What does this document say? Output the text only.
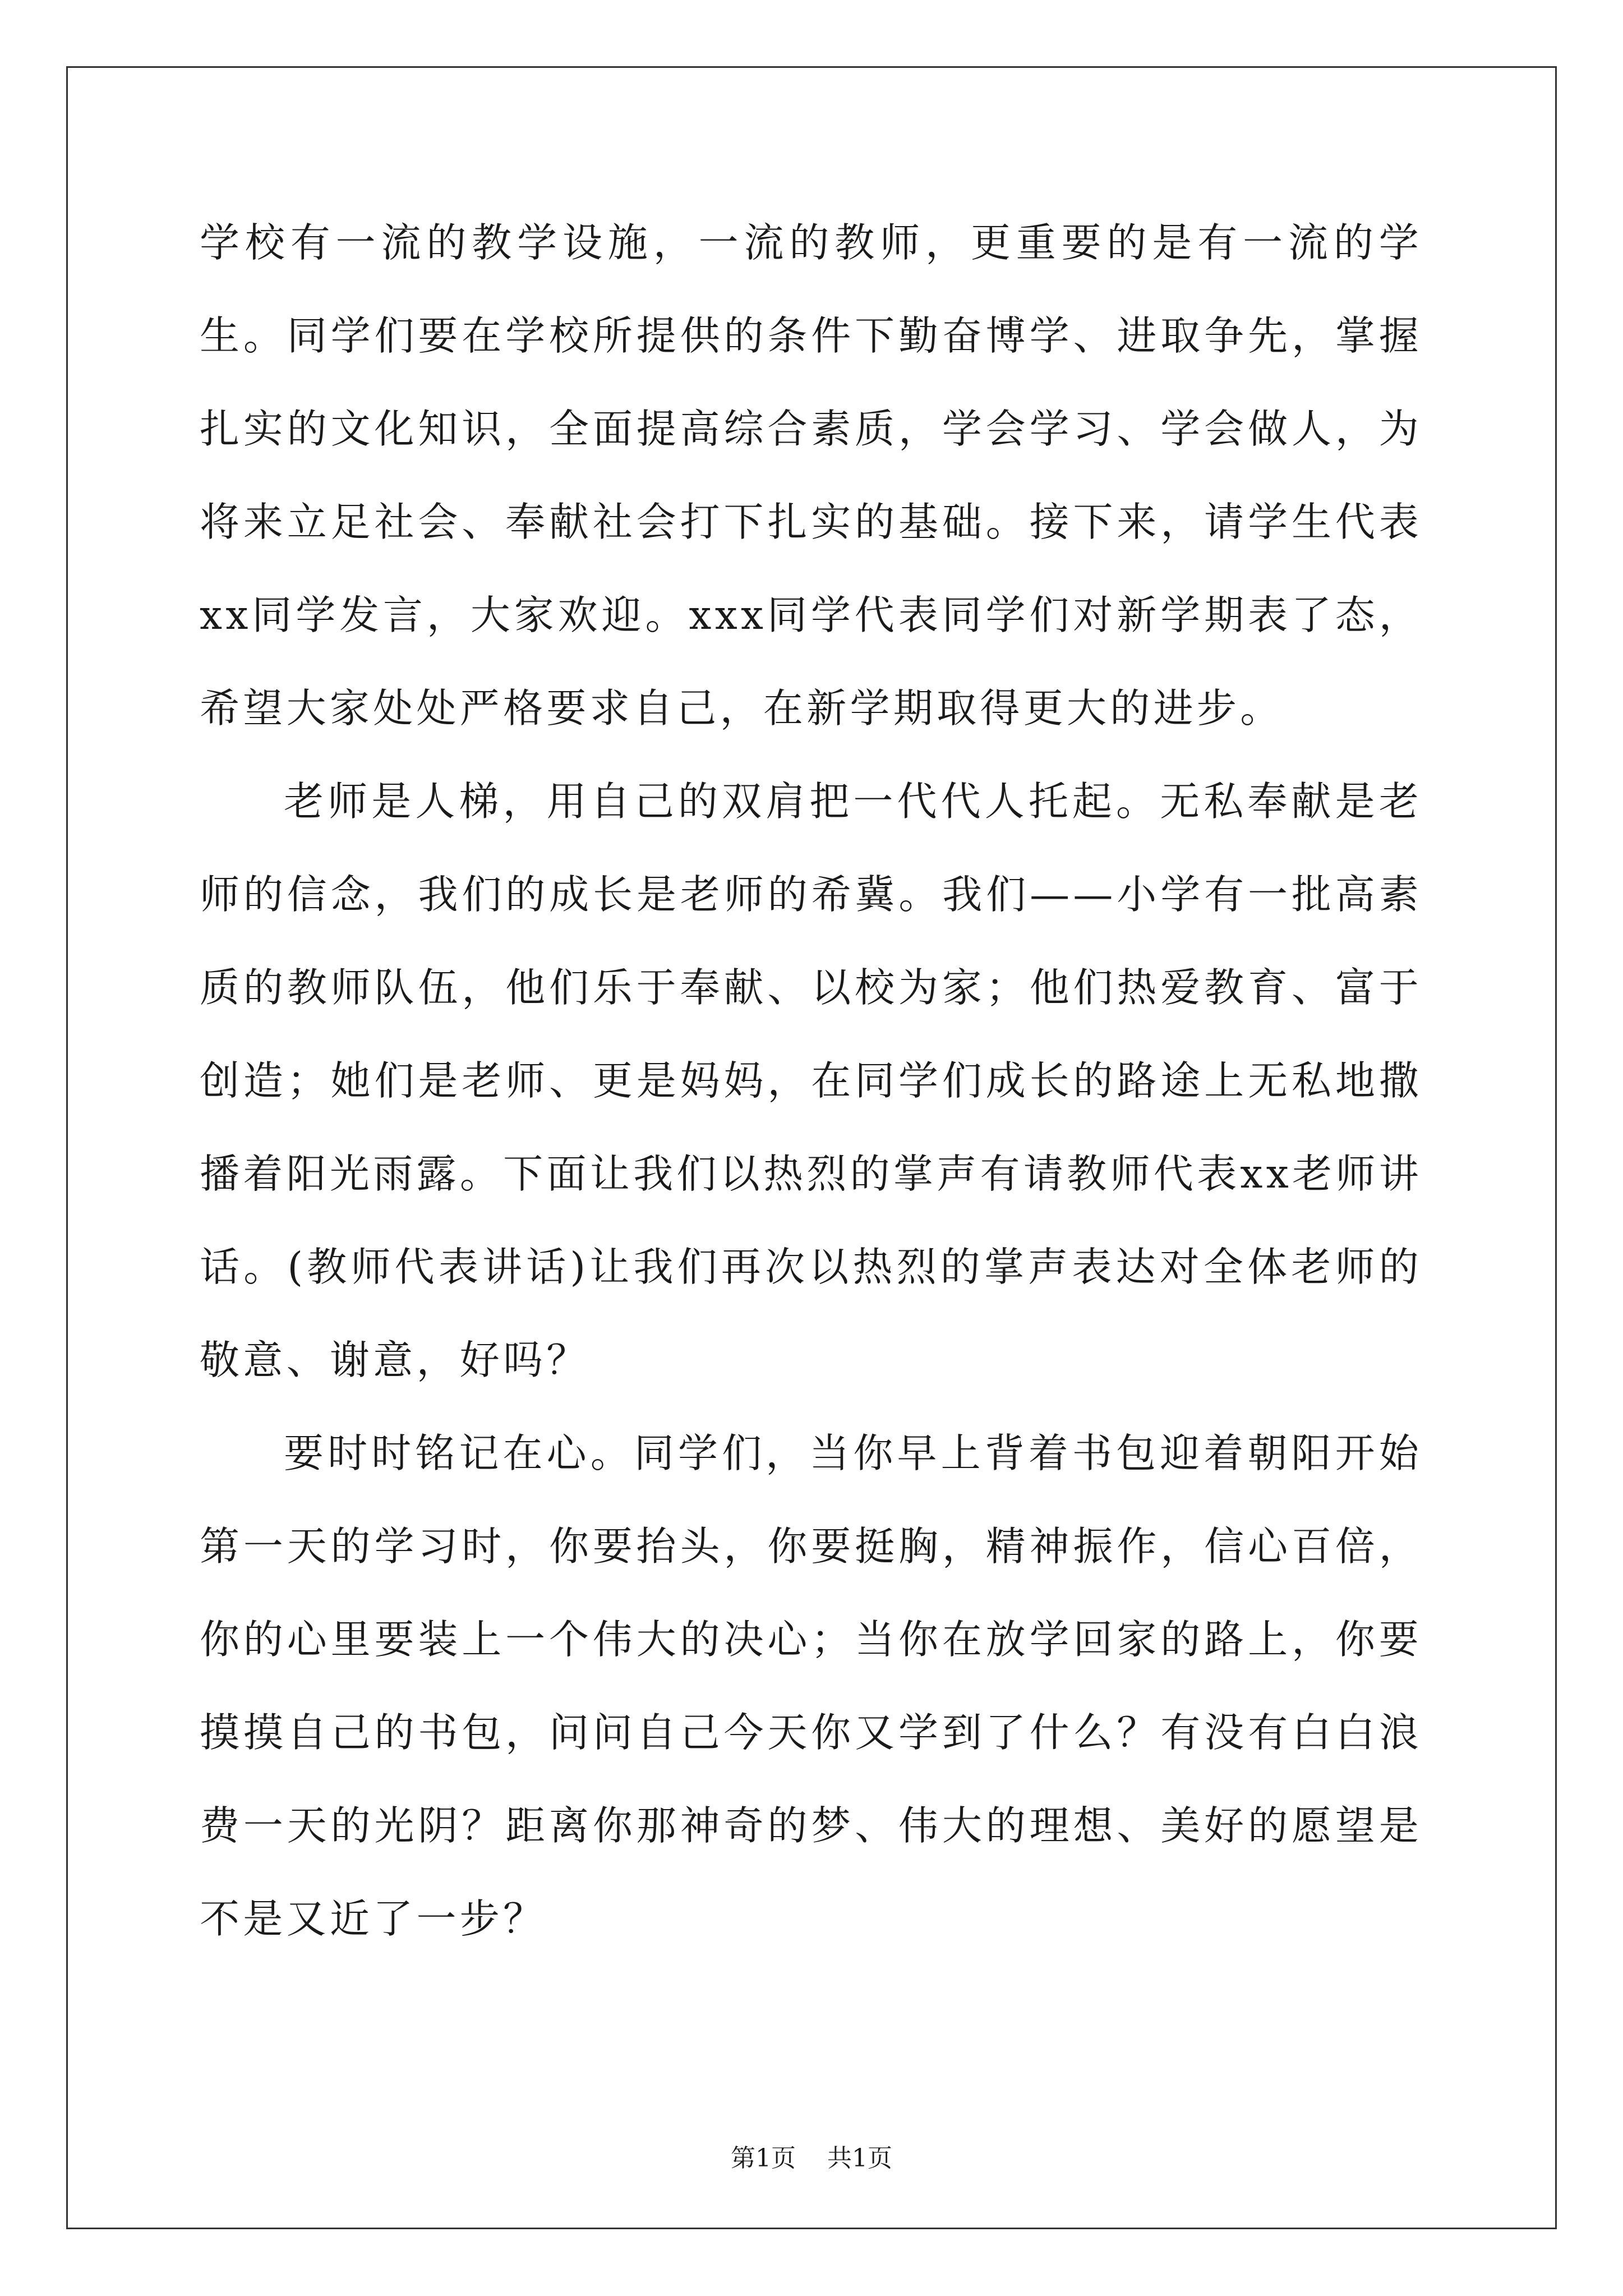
学校有一流的教学设施，一流的教师，更重要的是有一流的学生。同学们要在学校所提供的条件下勤奋博学、进取争先，掌握扎实的文化知识，全面提高综合素质，学会学习、学会做人，为将来立足社会、奉献社会打下扎实的基础。接下来，请学生代表xx同学发言，大家欢迎。xxx同学代表同学们对新学期表了态，希望大家处处严格要求自己，在新学期取得更大的进步。

老师是人梯，用自己的双肩把一代代人托起。无私奉献是老师的信念，我们的成长是老师的希冀。我们——小学有一批高素质的教师队伍，他们乐于奉献、以校为家；他们热爱教育、富于创造；她们是老师、更是妈妈，在同学们成长的路途上无私地撒播着阳光雨露。下面让我们以热烈的掌声有请教师代表xx老师讲话。(教师代表讲话)让我们再次以热烈的掌声表达对全体老师的敬意、谢意，好吗？

要时时铭记在心。同学们，当你早上背着书包迎着朝阳开始第一天的学习时，你要抬头，你要挺胸，精神振作，信心百倍，你的心里要装上一个伟大的决心；当你在放学回家的路上，你要摸摸自己的书包，问问自己今天你又学到了什么？有没有白白浪费一天的光阴？距离你那神奇的梦、伟大的理想、美好的愿望是不是又近了一步？

第1页    共1页
